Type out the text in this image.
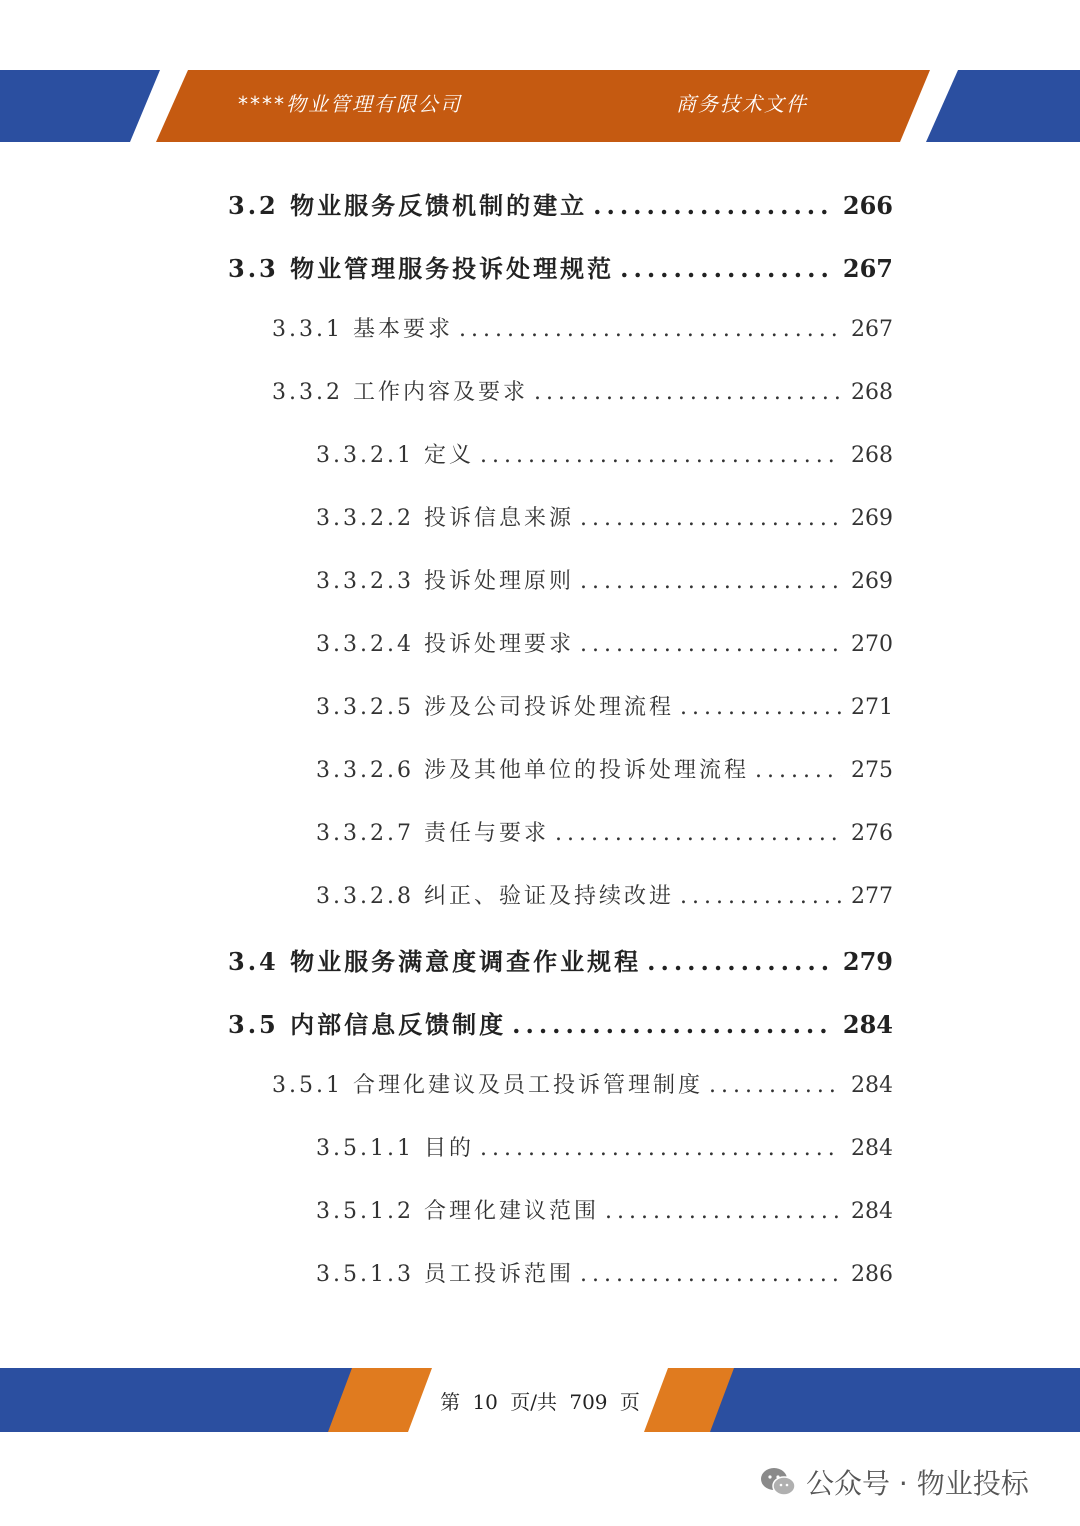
****物业管理有限公司	商务技术文件
3.2 物业服务反馈机制的建立 .....	266
3.3 物业管理服务投诉处理规范 .....	267
3.3.1 基本要求 .....	267
3.3.2 工作内容及要求 .....	268
3.3.2.1 定义 .....	268
3.3.2.2 投诉信息来源 .....	269
3.3.2.3 投诉处理原则 .....	269
3.3.2.4 投诉处理要求 .....	270
3.3.2.5 涉及公司投诉处理流程 .....	271
3.3.2.6 涉及其他单位的投诉处理流程 .....	275
3.3.2.7 责任与要求 .....	276
3.3.2.8 纠正、验证及持续改进 .....	277
3.4 物业服务满意度调查作业规程 .....	279
3.5 内部信息反馈制度 .....	284
3.5.1 合理化建议及员工投诉管理制度 .....	284
3.5.1.1 目的 .....	284
3.5.1.2 合理化建议范围 .....	284
3.5.1.3 员工投诉范围 .....	286
第 10 页/共 709 页
公众号 · 物业投标
